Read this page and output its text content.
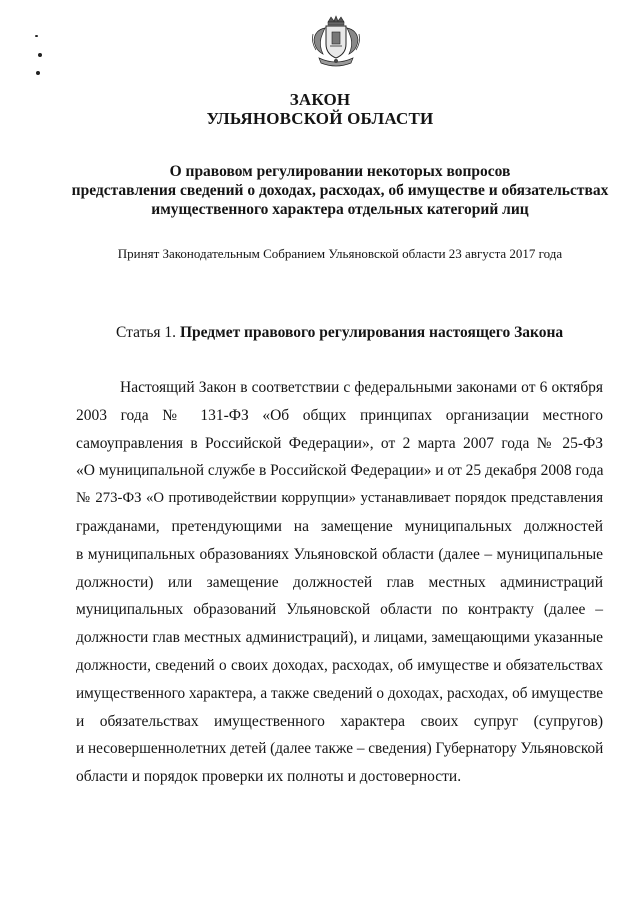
ЗАКОН
УЛЬЯНОВСКОЙ ОБЛАСТИ
О правовом регулировании некоторых вопросов
представления сведений о доходах, расходах, об имуществе и обязательствах
имущественного характера отдельных категорий лиц
Принят Законодательным Собранием Ульяновской области 23 августа 2017 года
Статья 1. Предмет правового регулирования настоящего Закона
Настоящий Закон в соответствии с федеральными законами от 6 октября
2003 года № 131-ФЗ «Об общих принципах организации местного
самоуправления в Российской Федерации», от 2 марта 2007 года № 25-ФЗ
«О муниципальной службе в Российской Федерации» и от 25 декабря 2008 года
№ 273-ФЗ «О противодействии коррупции» устанавливает порядок представления
гражданами, претендующими на замещение муниципальных должностей
в муниципальных образованиях Ульяновской области (далее – муниципальные
должности) или замещение должностей глав местных администраций
муниципальных образований Ульяновской области по контракту (далее –
должности глав местных администраций), и лицами, замещающими указанные
должности, сведений о своих доходах, расходах, об имуществе и обязательствах
имущественного характера, а также сведений о доходах, расходах, об имуществе
и обязательствах имущественного характера своих супруг (супругов)
и несовершеннолетних детей (далее также – сведения) Губернатору Ульяновской
области и порядок проверки их полноты и достоверности.
